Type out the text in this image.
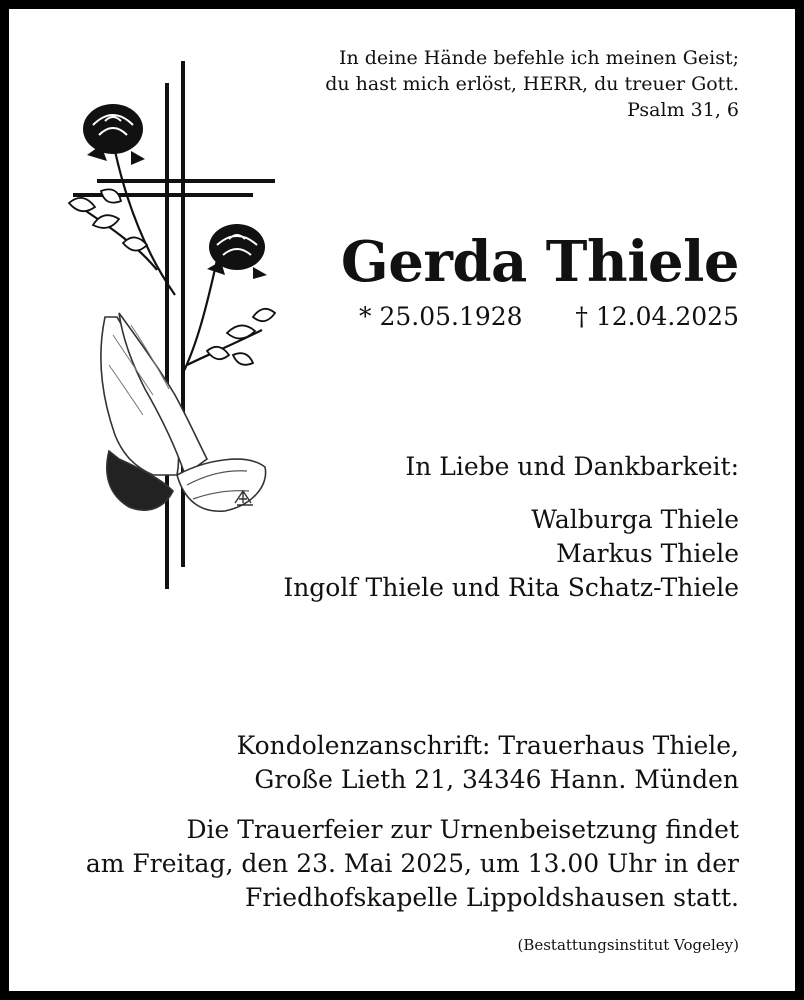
In deine Hände befehle ich meinen Geist;
du hast mich erlöst, HERR, du treuer Gott.
Psalm 31, 6
Gerda Thiele
* 25.05.1928 † 12.04.2025
In Liebe und Dankbarkeit:
Walburga Thiele
Markus Thiele
Ingolf Thiele und Rita Schatz-Thiele
Kondolenzanschrift: Trauerhaus Thiele,
Große Lieth 21, 34346 Hann. Münden
Die Trauerfeier zur Urnenbeisetzung findet
am Freitag, den 23. Mai 2025, um 13.00 Uhr in der
Friedhofskapelle Lippoldshausen statt.
(Bestattungsinstitut Vogeley)
